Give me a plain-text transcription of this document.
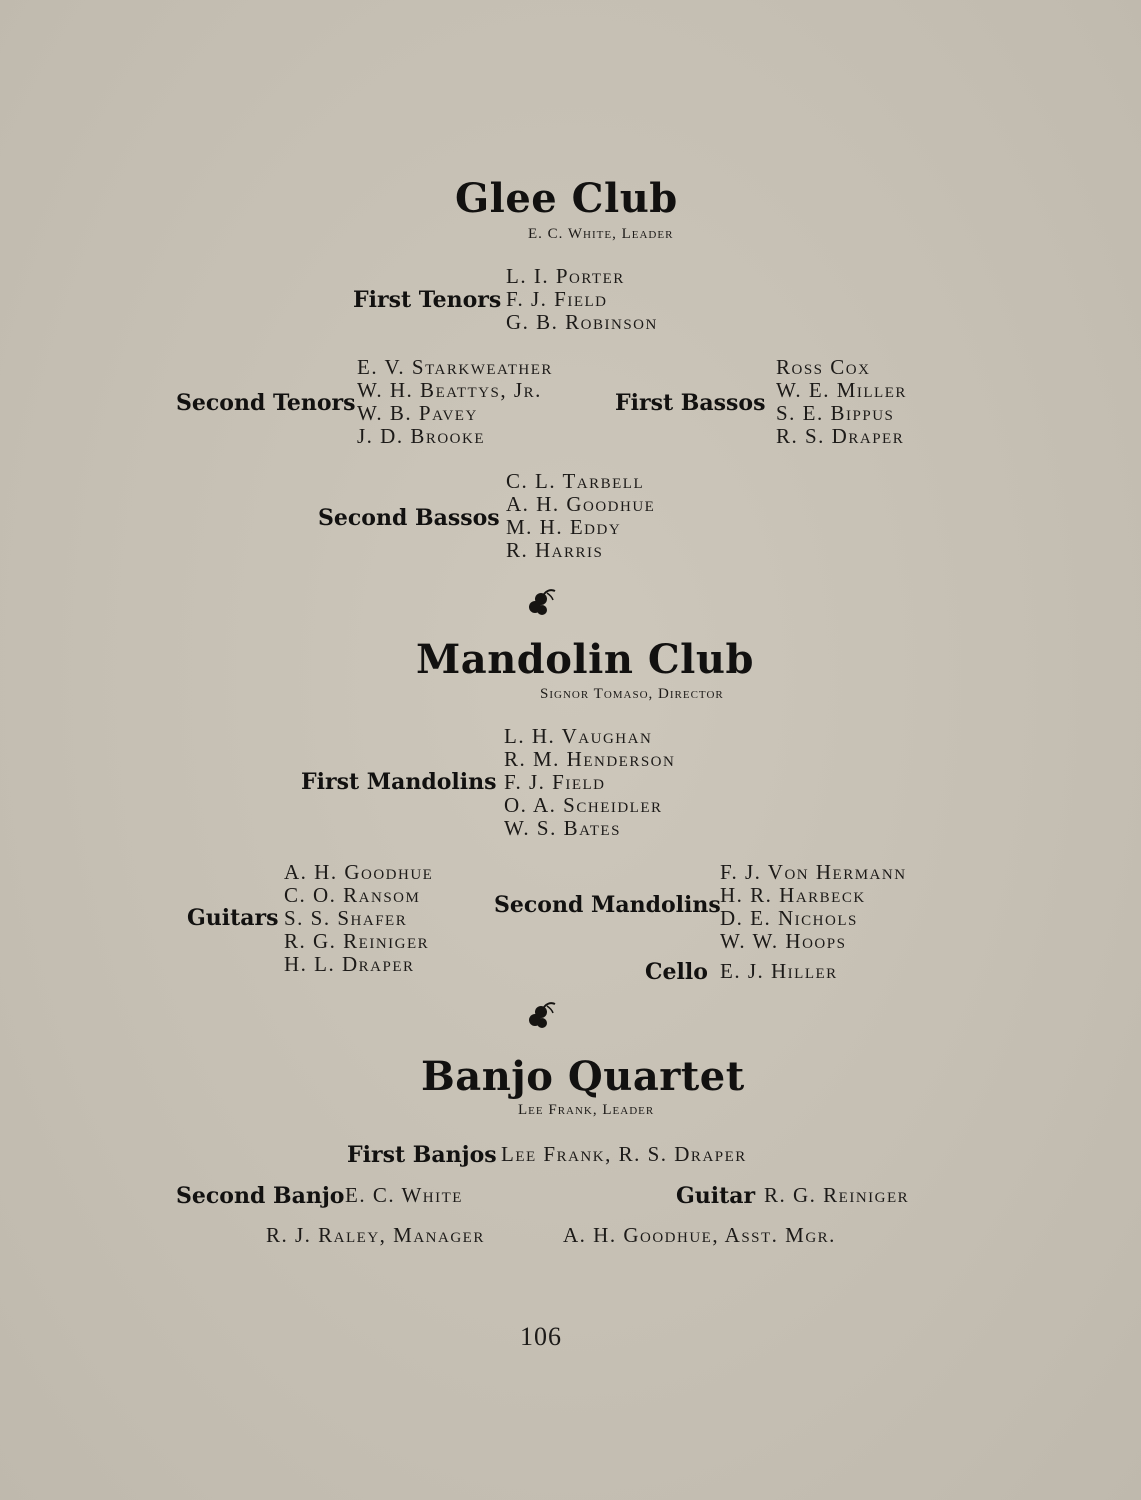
Glee Club
E. C. White, Leader
First Tenors
L. I. Porter
F. J. Field
G. B. Robinson
Second Tenors
E. V. Starkweather
W. H. Beattys, Jr.
W. B. Pavey
J. D. Brooke
First Bassos
Ross Cox
W. E. Miller
S. E. Bippus
R. S. Draper
Second Bassos
C. L. Tarbell
A. H. Goodhue
M. H. Eddy
R. Harris
Mandolin Club
Signor Tomaso, Director
First Mandolins
L. H. Vaughan
R. M. Henderson
F. J. Field
O. A. Scheidler
W. S. Bates
Guitars
A. H. Goodhue
C. O. Ransom
S. S. Shafer
R. G. Reiniger
H. L. Draper
Second Mandolins
F. J. Von Hermann
H. R. Harbeck
D. E. Nichols
W. W. Hoops
Cello E. J. Hiller
Banjo Quartet
Lee Frank, Leader
First Banjos Lee Frank, R. S. Draper
Second Banjo E. C. White	Guitar R. G. Reiniger
R. J. Raley, Manager	A. H. Goodhue, Asst. Mgr.
106
